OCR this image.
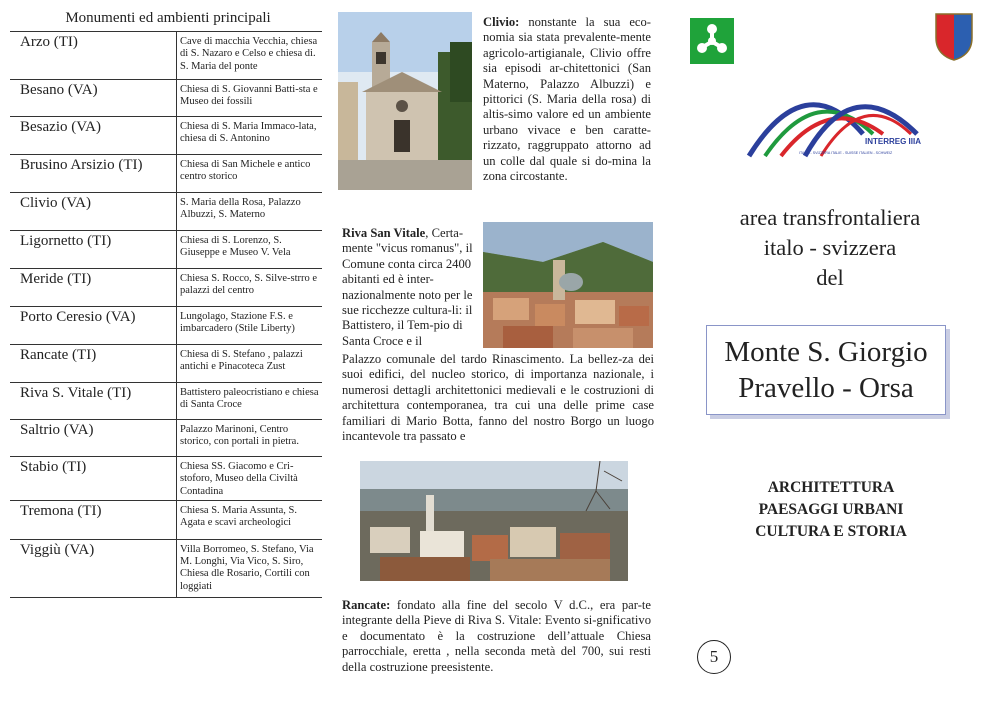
Monumenti ed ambienti principali
Arzo (TI)	Cave di macchia Vecchia, chiesa di S. Nazaro e Celso e chiesa di. S. Maria del ponte
Besano (VA)	Chiesa di S. Giovanni Batti-sta e Museo dei fossili
Besazio (VA)	Chiesa di S. Maria Immaco-lata, chiesa di S. Antonino
Brusino Arsizio (TI)	Chiesa di San Michele e antico centro storico
Clivio (VA)	S. Maria della Rosa, Palazzo Albuzzi, S. Materno
Ligornetto (TI)	Chiesa di S. Lorenzo, S. Giuseppe e Museo V. Vela
Meride (TI)	Chiesa S. Rocco, S. Silve-strro e palazzi del centro
Porto Ceresio (VA)	Lungolago, Stazione F.S. e imbarcadero (Stile Liberty)
Rancate (TI)	Chiesa di S. Stefano , palazzi antichi e Pinacoteca Zust
Riva S. Vitale (TI)	Battistero paleocristiano e chiesa di Santa Croce
Saltrio (VA)	Palazzo Marinoni, Centro storico, con portali in pietra.
Stabio (TI)	Chiesa SS. Giacomo e Cri-stoforo, Museo della Civiltà Contadina
Tremona (TI)	Chiesa S. Maria Assunta, S. Agata e scavi archeologici
Viggiù (VA)	Villa Borromeo, S. Stefano, Via M. Longhi, Via Vico, S. Siro, Chiesa dle Rosario, Cortili con loggiati

Clivio: nonstante la sua eco-nomia sia stata prevalente-mente agricolo-artigianale, Clivio offre sia episodi ar-chitettonici (San Materno, Palazzo Albuzzi) e pittorici (S. Maria della rosa) di altis-simo valore ed un ambiente urbano vivace e ben caratte-rizzato, raggruppato attorno ad un colle dal quale si do-mina la zona circostante.

Riva San Vitale, Certa-mente "vicus romanus", il Comune conta circa 2400 abitanti ed è inter-nazionalmente noto per le sue ricchezze cultura-li: il Battistero, il Tem-pio di Santa Croce e il

Palazzo comunale del tardo Rinascimento. La bellez-za dei suoi edifici, del nucleo storico, di importanza nazionale, i numerosi dettagli architettonici medievali e le costruzioni di architettura contemporanea, tra cui una delle prime case familiari di Mario Botta, fanno del nostro Borgo un luogo incantevole tra passato e

Rancate: fondato alla fine del secolo V d.C., era par-te integrante della Pieve di Riva S. Vitale: Evento si-gnificativo e documentato è la costruzione dell’attuale Chiesa parrocchiale, eretta , nella seconda metà del 700, sui resti della costruzione preesistente.

INTERREG IIIA
ITALIA - SVIZZERA ITALIE - SUISSE ITALIEN - SCHWEIZ
area transfrontaliera
italo - svizzera
del
Monte S. Giorgio
Pravello - Orsa
ARCHITETTURA
PAESAGGI URBANI
CULTURA E STORIA
5
